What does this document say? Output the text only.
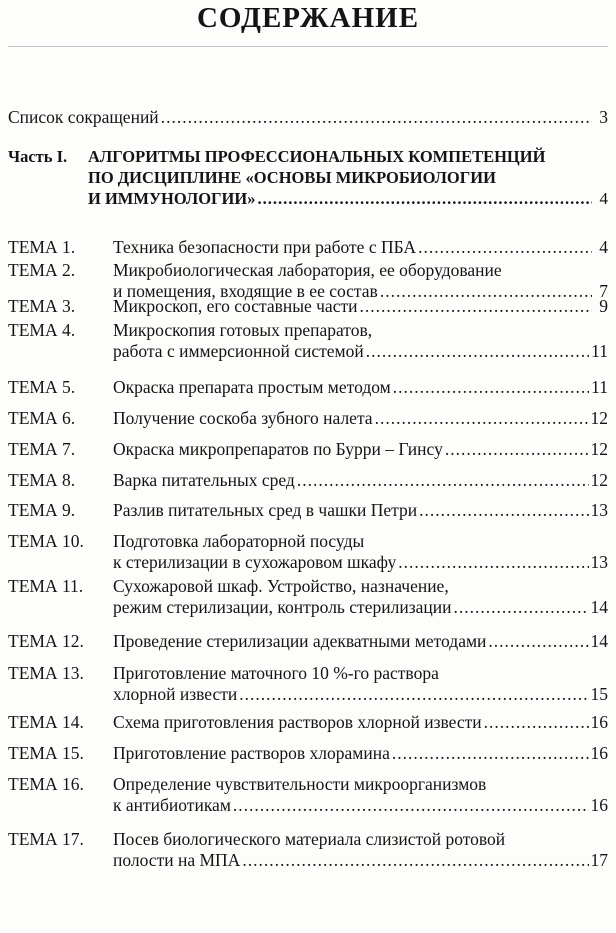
СОДЕРЖАНИЕ
Список сокращений .....	3
Часть I.	АЛГОРИТМЫ ПРОФЕССИОНАЛЬНЫХ КОМПЕТЕНЦИЙ
ПО ДИСЦИПЛИНЕ «ОСНОВЫ МИКРОБИОЛОГИИ
И ИММУНОЛОГИИ» .....	4
ТЕМА 1.	Техника безопасности при работе с ПБА .....	4
ТЕМА 2.	Микробиологическая лаборатория, ее оборудование
и помещения, входящие в ее состав .....	7
ТЕМА 3.	Микроскоп, его составные части .....	9
ТЕМА 4.	Микроскопия готовых препаратов,
работа с иммерсионной системой .....	11
ТЕМА 5.	Окраска препарата простым методом .....	11
ТЕМА 6.	Получение соскоба зубного налета .....	12
ТЕМА 7.	Окраска микропрепаратов по Бурри – Гинсу .....	12
ТЕМА 8.	Варка питательных сред .....	12
ТЕМА 9.	Разлив питательных сред в чашки Петри .....	13
ТЕМА 10.	Подготовка лабораторной посуды
к стерилизации в сухожаровом шкафу .....	13
ТЕМА 11.	Сухожаровой шкаф. Устройство, назначение,
режим стерилизации, контроль стерилизации .....	14
ТЕМА 12.	Проведение стерилизации адекватными методами .....	14
ТЕМА 13.	Приготовление маточного 10 %-го раствора
хлорной извести .....	15
ТЕМА 14.	Схема приготовления растворов хлорной извести .....	16
ТЕМА 15.	Приготовление растворов хлорамина .....	16
ТЕМА 16.	Определение чувствительности микроорганизмов
к антибиотикам .....	16
ТЕМА 17.	Посев биологического материала слизистой ротовой
полости на МПА .....	17
